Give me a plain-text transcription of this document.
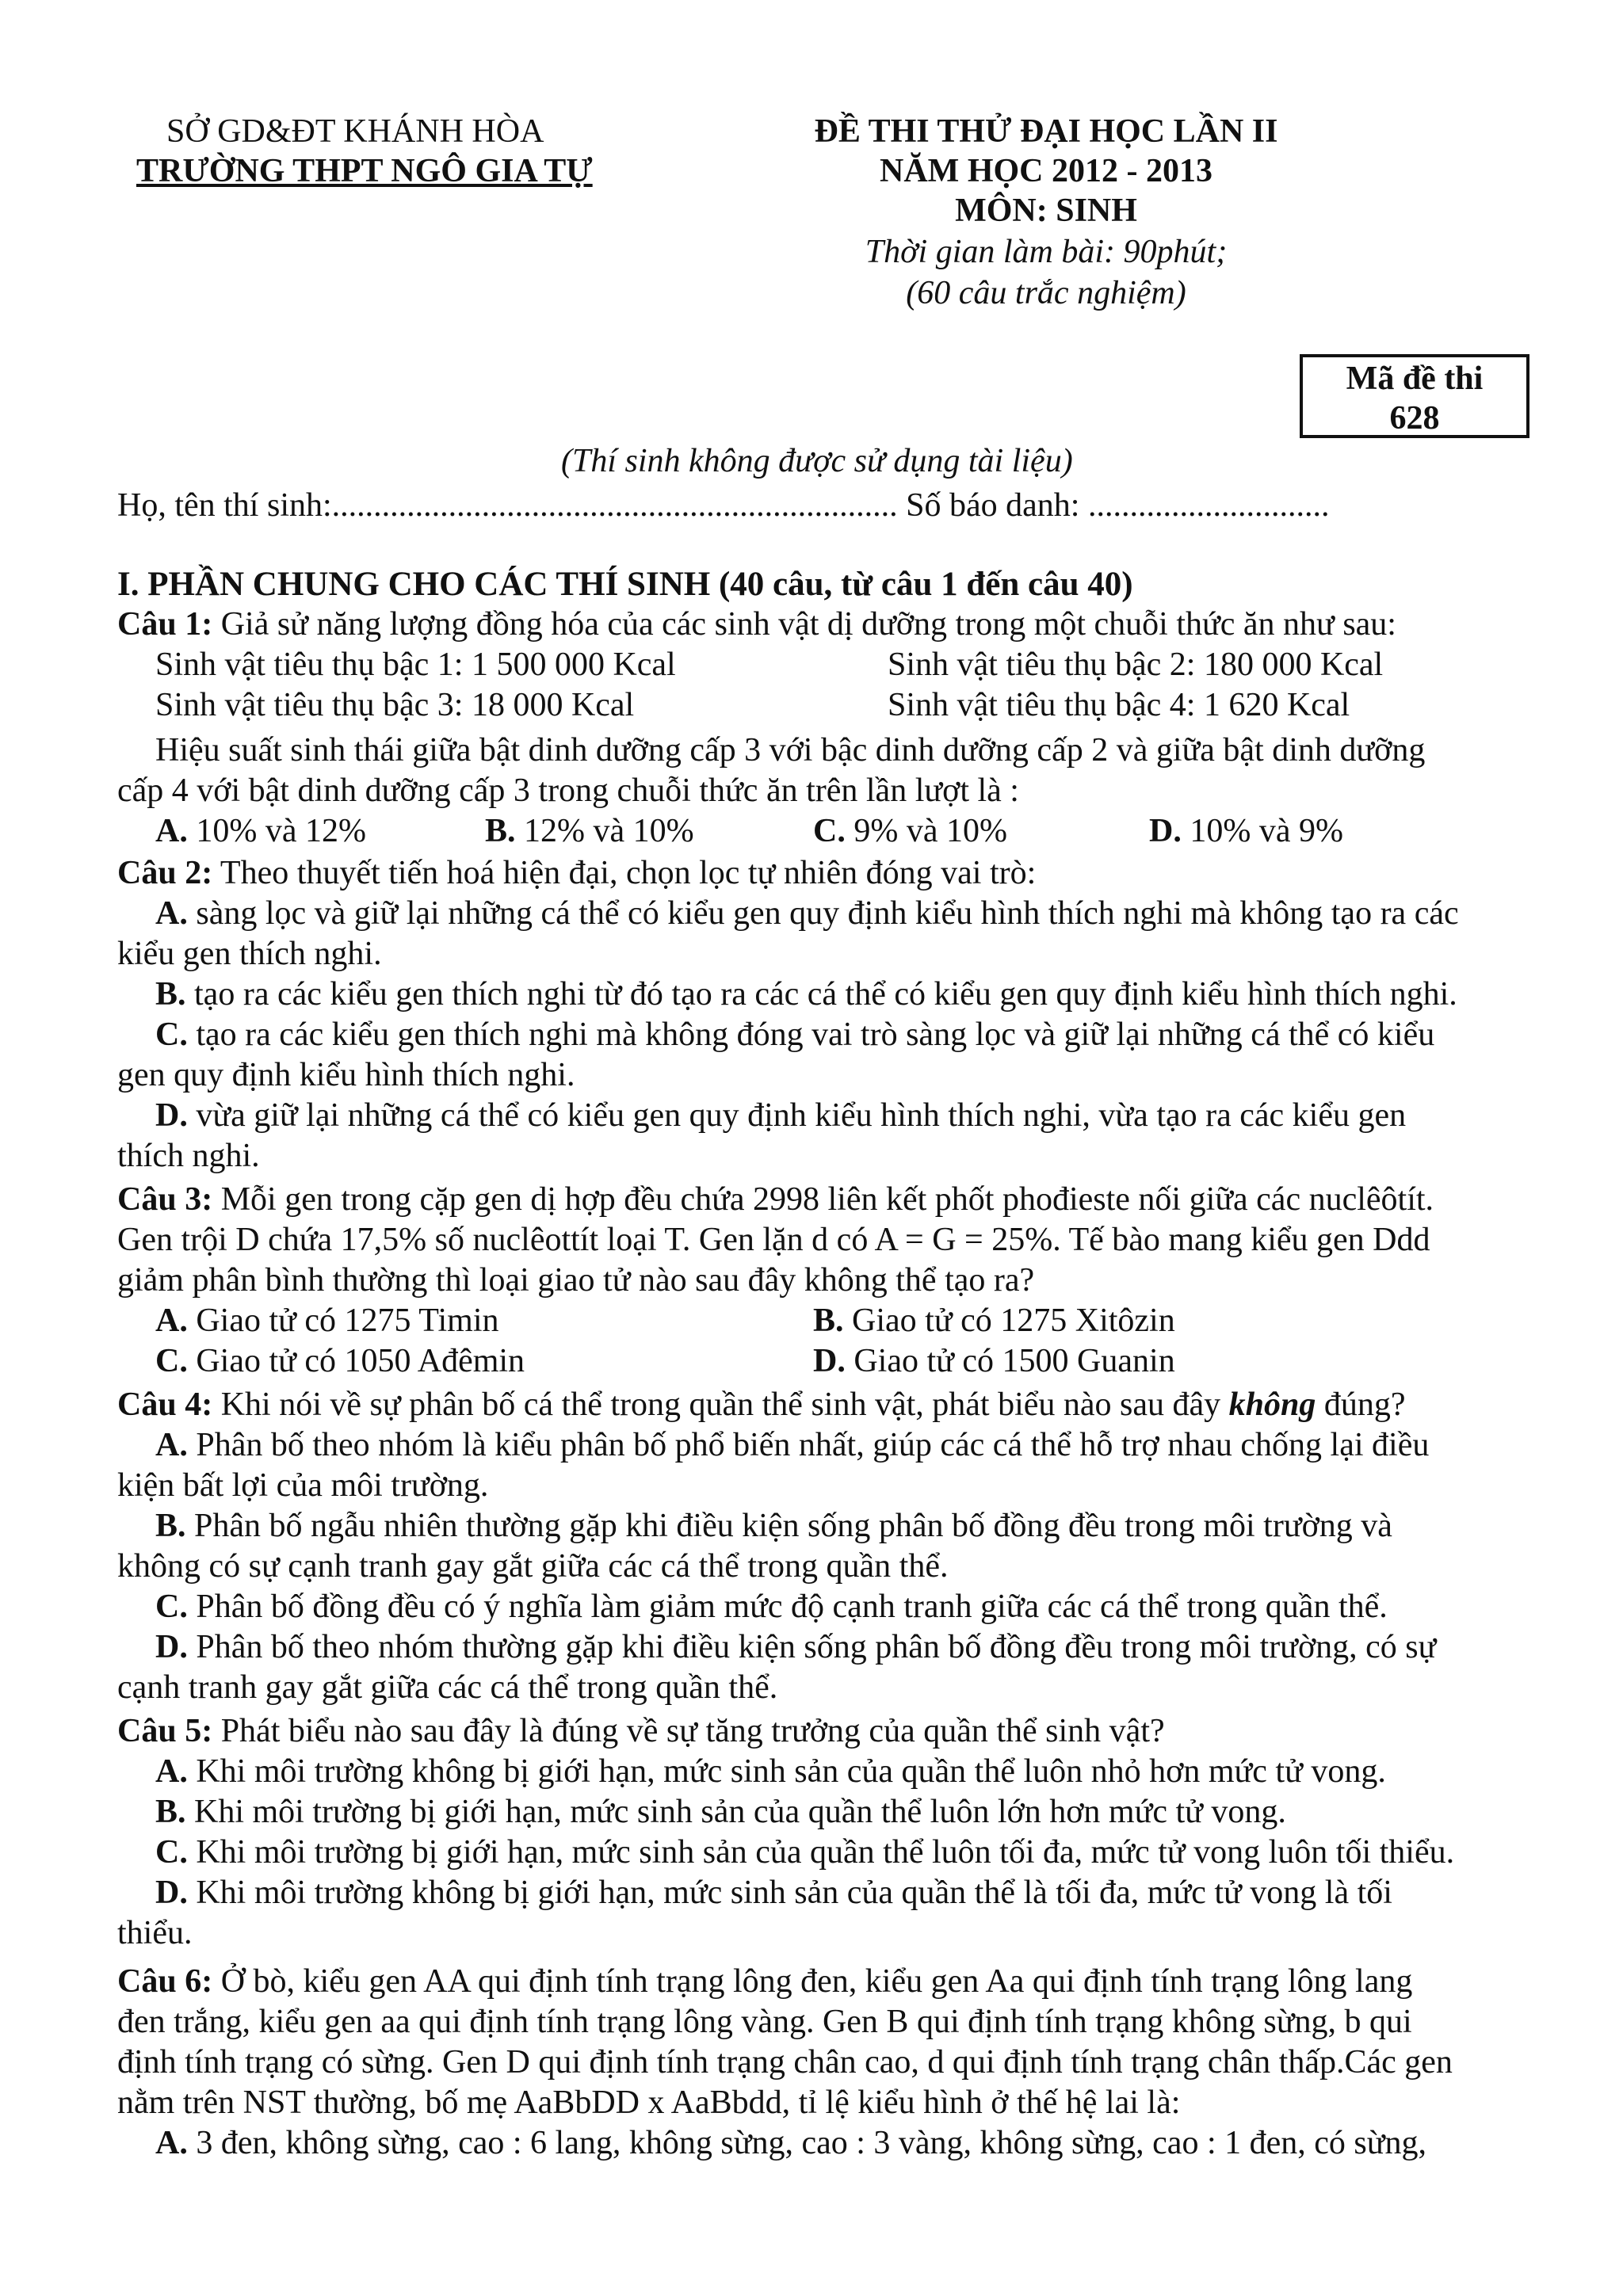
SỞ GD&ĐT KHÁNH HÒA
TRƯỜNG THPT NGÔ GIA TỰ
ĐỀ THI THỬ ĐẠI HỌC LẦN II
NĂM HỌC 2012 - 2013
MÔN: SINH
Thời gian làm bài: 90phút;
(60 câu trắc nghiệm)
Mã đề thi
628
(Thí sinh không được sử dụng tài liệu)
Họ, tên thí sinh:.................................................................... Số báo danh: .............................
I. PHẦN CHUNG CHO CÁC THÍ SINH (40 câu, từ câu 1 đến câu 40)
Câu 1: Giả sử năng lượng đồng hóa của các sinh vật dị dưỡng trong một chuỗi thức ăn như sau:
Sinh vật tiêu thụ bậc 1: 1 500 000 Kcal	Sinh vật tiêu thụ bậc 2: 180 000 Kcal
Sinh vật tiêu thụ bậc 3: 18 000 Kcal	Sinh vật tiêu thụ bậc 4: 1 620 Kcal
Hiệu suất sinh thái giữa bật dinh dưỡng cấp 3 với bậc dinh dưỡng cấp 2 và giữa bật dinh dưỡng
cấp 4 với bật dinh dưỡng cấp 3 trong chuỗi thức ăn trên lần lượt là :
A. 10% và 12%	B. 12% và 10%	C. 9% và 10%	D. 10% và 9%
Câu 2: Theo thuyết tiến hoá hiện đại, chọn lọc tự nhiên đóng vai trò:
A. sàng lọc và giữ lại những cá thể có kiểu gen quy định kiểu hình thích nghi mà không tạo ra các
kiểu gen thích nghi.
B. tạo ra các kiểu gen thích nghi từ đó tạo ra các cá thể có kiểu gen quy định kiểu hình thích nghi.
C. tạo ra các kiểu gen thích nghi mà không đóng vai trò sàng lọc và giữ lại những cá thể có kiểu
gen quy định kiểu hình thích nghi.
D. vừa giữ lại những cá thể có kiểu gen quy định kiểu hình thích nghi, vừa tạo ra các kiểu gen
thích nghi.
Câu 3: Mỗi gen trong cặp gen dị hợp đều chứa 2998 liên kết phốt phođieste nối giữa các nuclêôtít.
Gen trội D chứa 17,5% số nuclêottít loại T. Gen lặn d có A = G = 25%. Tế bào mang kiểu gen Ddd
giảm phân bình thường thì loại giao tử nào sau đây không thể tạo ra?
A. Giao tử có 1275 Timin	B. Giao tử có 1275 Xitôzin
C. Giao tử có 1050 Ađêmin	D. Giao tử có 1500 Guanin
Câu 4: Khi nói về sự phân bố cá thể trong quần thể sinh vật, phát biểu nào sau đây không đúng?
A. Phân bố theo nhóm là kiểu phân bố phổ biến nhất, giúp các cá thể hỗ trợ nhau chống lại điều
kiện bất lợi của môi trường.
B. Phân bố ngẫu nhiên thường gặp khi điều kiện sống phân bố đồng đều trong môi trường và
không có sự cạnh tranh gay gắt giữa các cá thể trong quần thể.
C. Phân bố đồng đều có ý nghĩa làm giảm mức độ cạnh tranh giữa các cá thể trong quần thể.
D. Phân bố theo nhóm thường gặp khi điều kiện sống phân bố đồng đều trong môi trường, có sự
cạnh tranh gay gắt giữa các cá thể trong quần thể.
Câu 5: Phát biểu nào sau đây là đúng về sự tăng trưởng của quần thể sinh vật?
A. Khi môi trường không bị giới hạn, mức sinh sản của quần thể luôn nhỏ hơn mức tử vong.
B. Khi môi trường bị giới hạn, mức sinh sản của quần thể luôn lớn hơn mức tử vong.
C. Khi môi trường bị giới hạn, mức sinh sản của quần thể luôn tối đa, mức tử vong luôn tối thiểu.
D. Khi môi trường không bị giới hạn, mức sinh sản của quần thể là tối đa, mức tử vong là tối
thiểu.
Câu 6: Ở bò, kiểu gen AA qui định tính trạng lông đen, kiểu gen Aa qui định tính trạng lông lang
đen trắng, kiểu gen aa qui định tính trạng lông vàng. Gen B qui định tính trạng không sừng, b qui
định tính trạng có sừng. Gen D qui định tính trạng chân cao, d qui định tính trạng chân thấp.Các gen
nằm trên NST thường, bố mẹ AaBbDD x AaBbdd, tỉ lệ kiểu hình ở thế hệ lai là:
A. 3 đen, không sừng, cao : 6 lang, không sừng, cao : 3 vàng, không sừng, cao : 1 đen, có sừng,
